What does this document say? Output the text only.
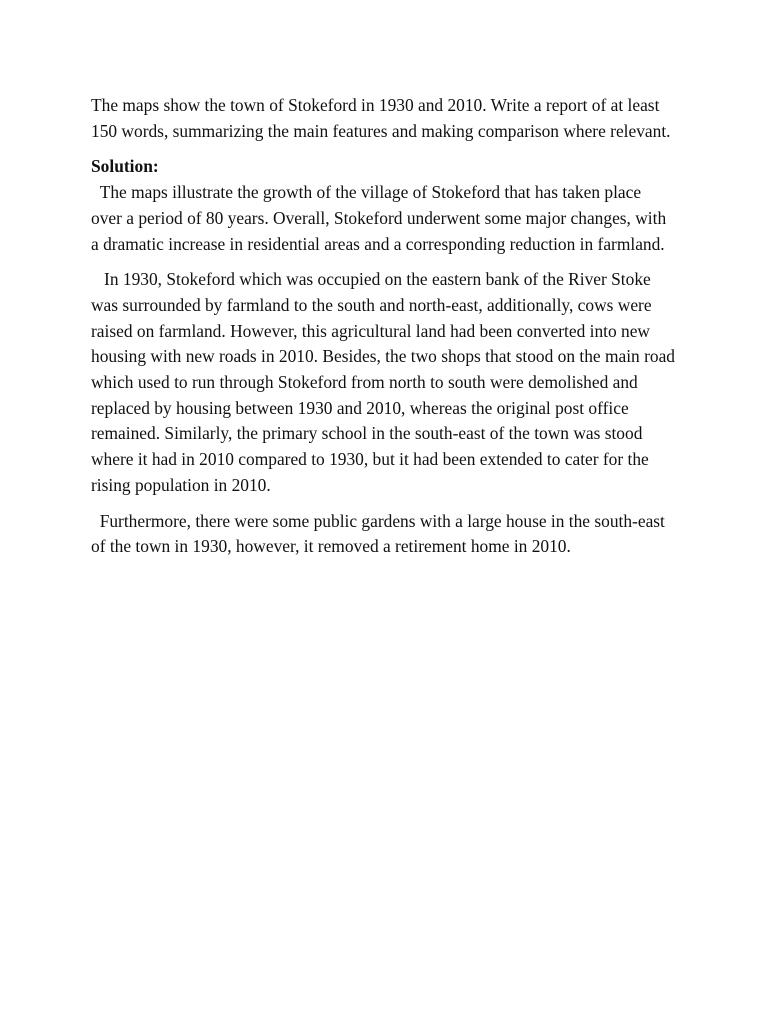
The maps show the town of Stokeford in 1930 and 2010. Write a report of at least 150 words, summarizing the main features and making comparison where relevant.

Solution:

The maps illustrate the growth of the village of Stokeford that has taken place over a period of 80 years. Overall, Stokeford underwent some major changes, with a dramatic increase in residential areas and a corresponding reduction in farmland.

In 1930, Stokeford which was occupied on the eastern bank of the River Stoke was surrounded by farmland to the south and north-east, additionally, cows were raised on farmland. However, this agricultural land had been converted into new housing with new roads in 2010. Besides, the two shops that stood on the main road which used to run through Stokeford from north to south were demolished and replaced by housing between 1930 and 2010, whereas the original post office remained. Similarly, the primary school in the south-east of the town was stood where it had in 2010 compared to 1930, but it had been extended to cater for the rising population in 2010.

Furthermore, there were some public gardens with a large house in the south-east of the town in 1930, however, it removed a retirement home in 2010.
